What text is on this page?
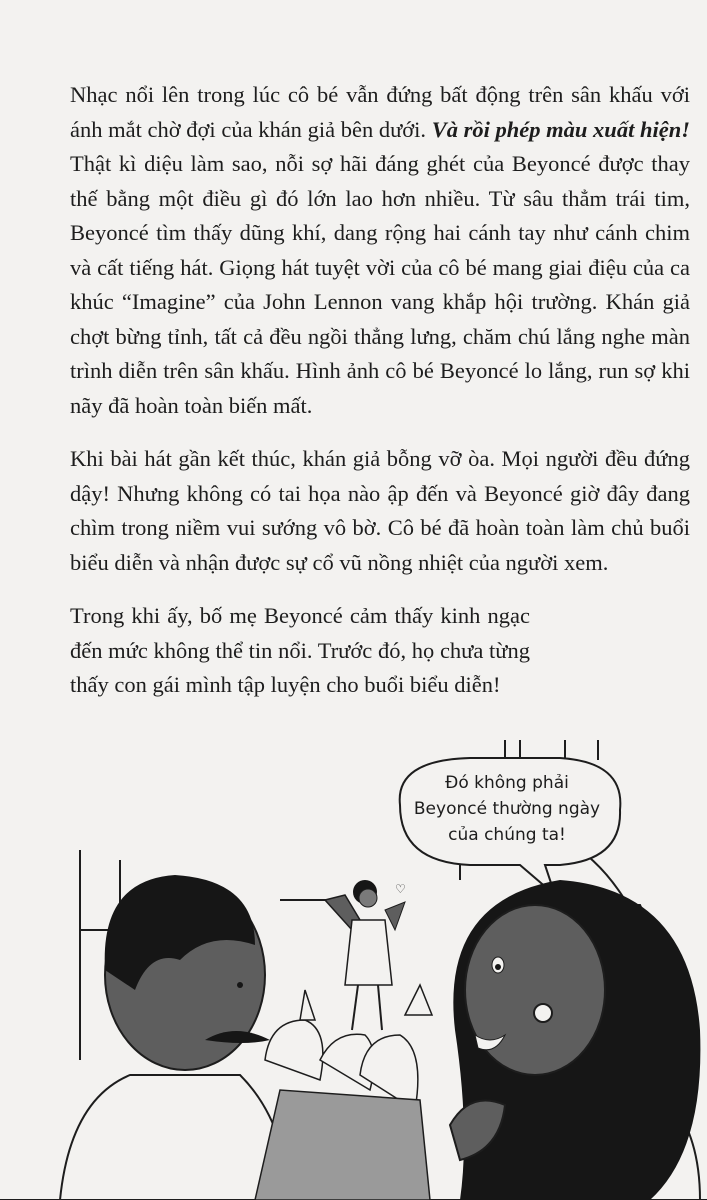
Nhạc nổi lên trong lúc cô bé vẫn đứng bất động trên sân khấu với ánh mắt chờ đợi của khán giả bên dưới. Và rồi phép màu xuất hiện! Thật kì diệu làm sao, nỗi sợ hãi đáng ghét của Beyoncé được thay thế bằng một điều gì đó lớn lao hơn nhiều. Từ sâu thẳm trái tim, Beyoncé tìm thấy dũng khí, dang rộng hai cánh tay như cánh chim và cất tiếng hát. Giọng hát tuyệt vời của cô bé mang giai điệu của ca khúc “Imagine” của John Lennon vang khắp hội trường. Khán giả chợt bừng tỉnh, tất cả đều ngồi thẳng lưng, chăm chú lắng nghe màn trình diễn trên sân khấu. Hình ảnh cô bé Beyoncé lo lắng, run sợ khi nãy đã hoàn toàn biến mất.

Khi bài hát gần kết thúc, khán giả bỗng vỡ òa. Mọi người đều đứng dậy! Nhưng không có tai họa nào ập đến và Beyoncé giờ đây đang chìm trong niềm vui sướng vô bờ. Cô bé đã hoàn toàn làm chủ buổi biểu diễn và nhận được sự cổ vũ nồng nhiệt của người xem.

Trong khi ấy, bố mẹ Beyoncé cảm thấy kinh ngạc đến mức không thể tin nổi. Trước đó, họ chưa từng thấy con gái mình tập luyện cho buổi biểu diễn!

♡
Đó không phải
Beyoncé thường ngày
của chúng ta!
